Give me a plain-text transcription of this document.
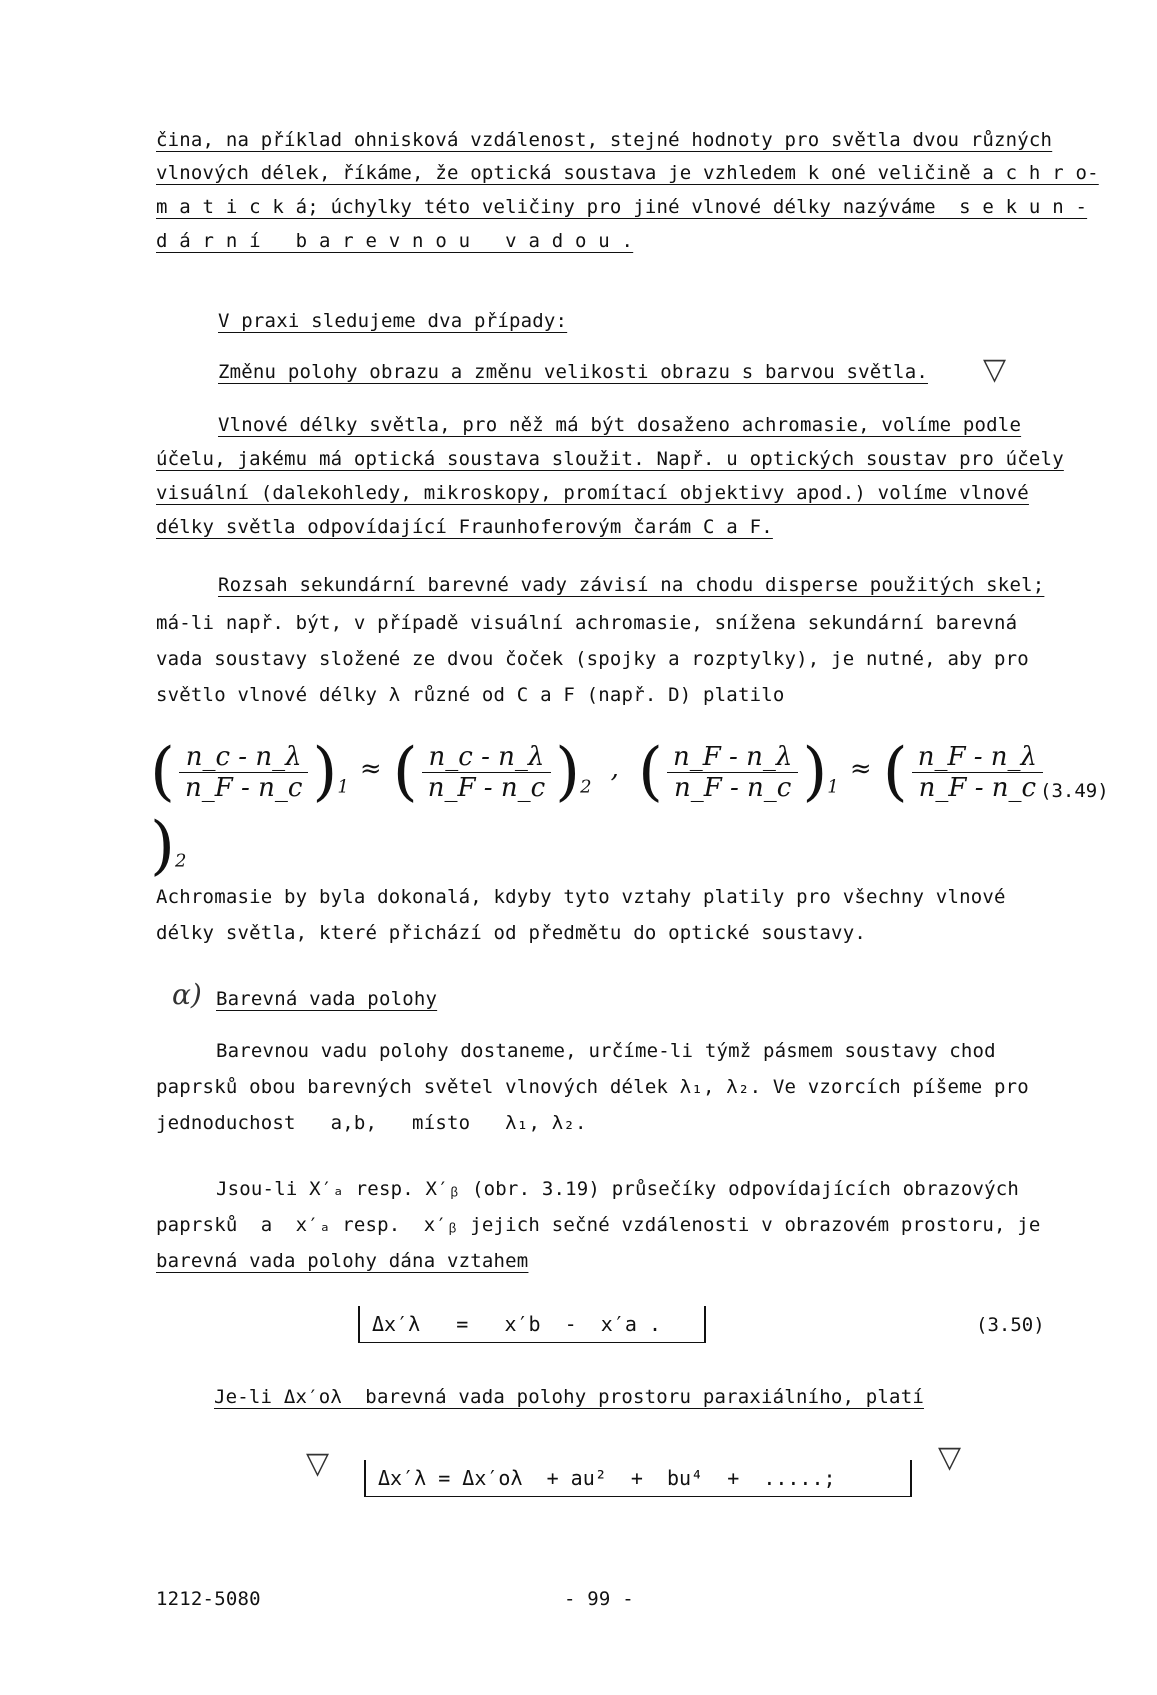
čina, na příklad ohnisková vzdálenost, stejné hodnoty pro světla dvou různých
vlnových délek, říkáme, že optická soustava je vzhledem k oné veličině a c h r o-
m a t i c k á; úchylky této veličiny pro jiné vlnové délky nazýváme  s e k u n -
d á r n í   b a r e v n o u   v a d o u .
V praxi sledujeme dva případy:
Změnu polohy obrazu a změnu velikosti obrazu s barvou světla.
Vlnové délky světla, pro něž má být dosaženo achromasie, volíme podle
účelu, jakému má optická soustava sloužit. Např. u optických soustav pro účely
visuální (dalekohledy, mikroskopy, promítací objektivy apod.) volíme vlnové
délky světla odpovídající Fraunhoferovým čarám C a F.
Rozsah sekundární barevné vady závisí na chodu disperse použitých skel;
má-li např. být, v případě visuální achromasie, snížena sekundární barevná
vada soustavy složené ze dvou čoček (spojky a rozptylky), je nutné, aby pro
světlo vlnové délky λ různé od C a F (např. D) platilo
( $\frac{n\_c - n\_\lambda}{n\_F - n\_c} )1$ ≈ ( $\frac{n\_c - n\_\lambda}{n\_F - n\_c} )2$ , ( $\frac{n\_F - n\_\lambda}{n\_F - n\_c} )1$ ≈ ( $\frac{n\_F - n\_\lambda}{n\_F - n\_c}$
)2
(3.49)
Achromasie by byla dokonalá, kdyby tyto vztahy platily pro všechny vlnové
délky světla, které přichází od předmětu do optické soustavy.
α) Barevná vada polohy
Barevnou vadu polohy dostaneme, určíme-li týmž pásmem soustavy chod
paprsků obou barevných světel vlnových délek λ₁, λ₂. Ve vzorcích píšeme pro
jednoduchost   a,b,   místo   λ₁, λ₂.
Jsou-li X′ₐ resp. X′ᵦ (obr. 3.19) průsečíky odpovídajících obrazových
paprsků  a  x′ₐ resp.  x′ᵦ jejich sečné vzdálenosti v obrazovém prostoru, je
barevná vada polohy dána vztahem
Δx′λ   =   x′b  -  x′a .	(3.50)
Je-li Δx′oλ  barevná vada polohy prostoru paraxiálního, platí
Δx′λ = Δx′oλ  + au²  +  bu⁴  +  .....;
▽
▽	▽
1212-5080	- 99 -
